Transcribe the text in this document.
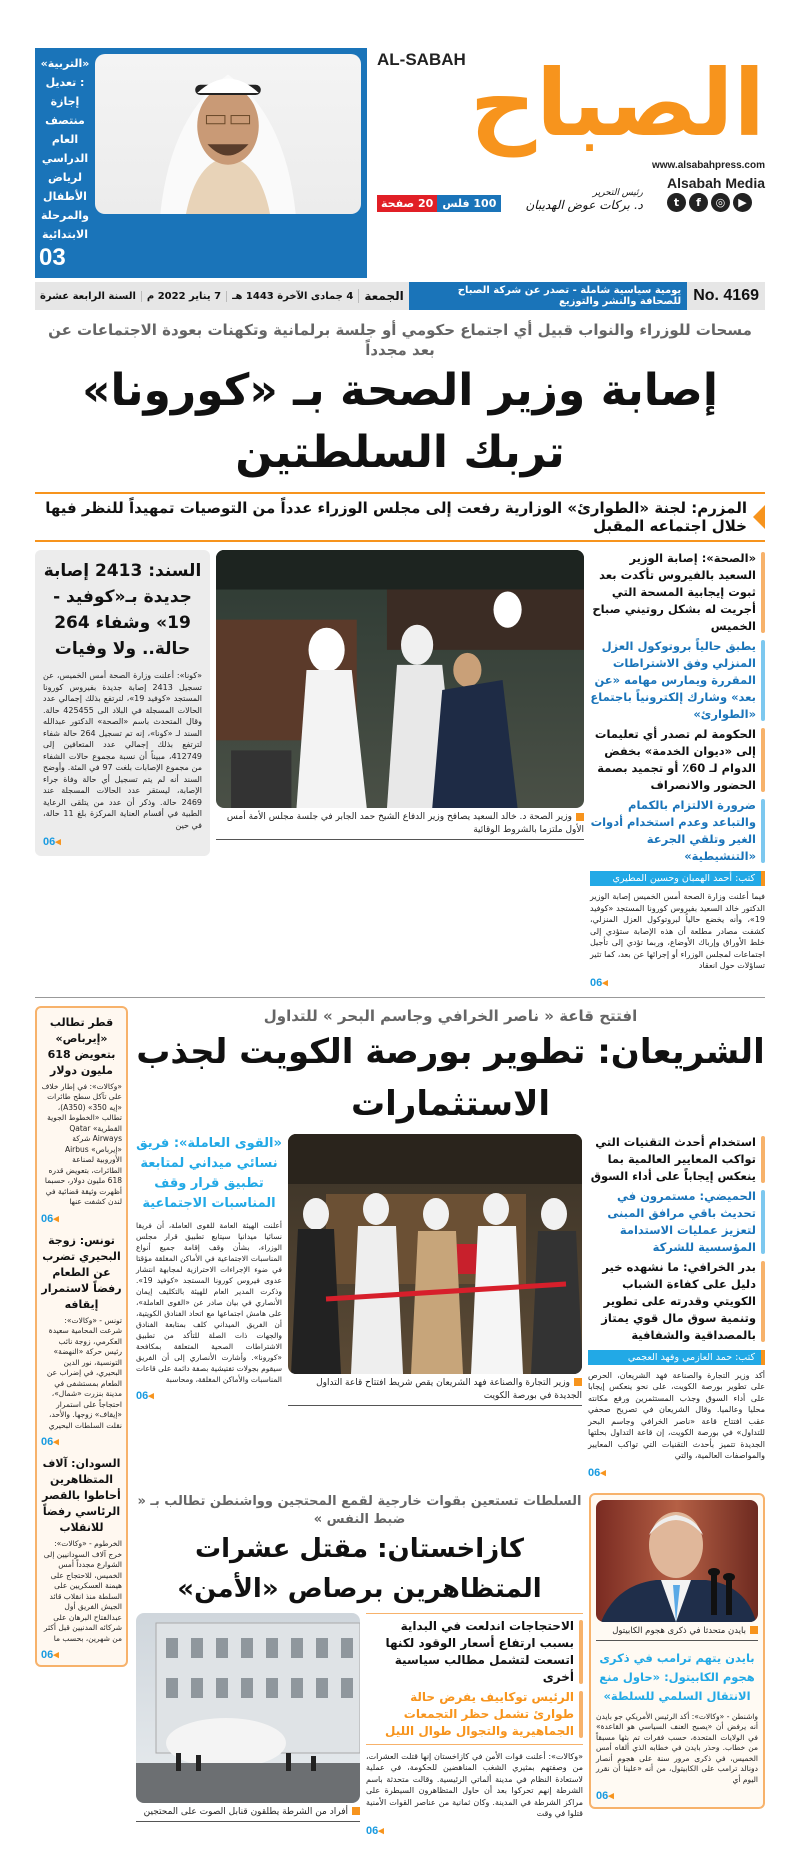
«التربية»: تعديل
إجازة منتصف العام
الدراسي لرياض
الأطفال والمرحلة
الابتدائية
03
الصباح
AL-SABAH
www.alsabahpress.com
Alsabah Media
t	f	◎	▶
رئيس التحرير
د. بركات عوض الهديبان
100 فلس
20 صفحة
No. 4169
يومية سياسية شاملة - تصدر عن شركة الصباح للصحافة والنشر والتوزيع
الجمعة
4 جمادى الآخرة 1443 هـ
7 يناير 2022 م
السنة الرابعة عشرة
مسحات للوزراء والنواب قبيل أي اجتماع حكومي أو جلسة برلمانية وتكهنات بعودة الاجتماعات عن بعد مجدداً
إصابة وزير الصحة بـ «كورونا» تربك السلطتين
المزرم: لجنة «الطوارئ» الوزارية رفعت إلى مجلس الوزراء عدداً من التوصيات تمهيداً للنظر فيها خلال اجتماعه المقبل
«الصحة»: إصابة الوزير السعيد بالفيروس تأكدت بعد ثبوت إيجابية المسحة التي أجريت له بشكل روتيني صباح الخميس
يطبق حالياً بروتوكول العزل المنزلي وفق الاشتراطات المقررة ويمارس مهامه «عن بعد» وشارك إلكترونياً باجتماع «الطوارئ»
الحكومة لم تصدر أي تعليمات إلى «ديوان الخدمة» بخفض الدوام لـ 60٪ أو تجميد بصمة الحضور والانصراف
ضرورة الالتزام بالكمام والتباعد وعدم استخدام أدوات الغير وتلقي الجرعة «التنشيطية»
كتب: أحمد الهمبان وحسين المطيري
فيما أعلنت وزارة الصحة أمس الخميس إصابة الوزير الدكتور خالد السعيد بفيروس كورونا المستجد «كوفيد 19»، وأنه يخضع حالياً لبروتوكول العزل المنزلي، كشفت مصادر مطلعة أن هذه الإصابة ستؤدي إلى خلط الأوراق وإرباك الأوضاع، وربما تؤدي إلى تأجيل اجتماعات لمجلس الوزراء أو إجرائها عن بعد، كما تثير تساؤلات حول انعقاد
06 ◂
وزير الصحة د. خالد السعيد يصافح وزير الدفاع الشيخ حمد الجابر في جلسة مجلس الأمة أمس الأول ملتزما بالشروط الوقائية
السند: 2413 إصابة جديدة بـ«كوفيد - 19» وشفاء 264 حالة.. ولا وفيات
«كونا»: أعلنت وزارة الصحة أمس الخميس، عن تسجيل 2413 إصابة جديدة بفيروس كورونا المستجد «كوفيد 19»، لترتفع بذلك إجمالي عدد الحالات المسجلة في البلاد الى 425455 حالة. وقال المتحدث باسم «الصحة» الدكتور عبدالله السند لـ «كونا»، إنه تم تسجيل 264 حالة شفاء لترتفع بذلك إجمالي عدد المتعافين إلى 412749، مبيناً أن نسبة مجموع حالات الشفاء من مجموع الإصابات بلغت 97 في المئة. وأوضح السند أنه لم يتم تسجيل أي حالة وفاة جراء الإصابة، ليستقر عدد الحالات المسجلة عند 2469 حالة. وذكر أن عدد من يتلقى الرعاية الطبية في أقسام العناية المركزة بلغ 11 حالة، في حين
06 ◂
افتتح قاعة « ناصر الخرافي وجاسم البحر » للتداول
الشريعان: تطوير بورصة الكويت لجذب الاستثمارات
استخدام أحدث التقنيات التي تواكب المعايير العالمية بما ينعكس إيجاباً على أداء السوق
الحميضي: مستمرون في تحديث باقي مرافق المبنى لتعزيز عمليات الاستدامة المؤسسية للشركة
بدر الخرافي: ما نشهده خير دليل على كفاءة الشباب الكويتي وقدرته على تطوير وتنمية سوق مال قوي يمتاز بالمصداقية والشفافية
كتب: حمد العازمي وفهد العجمي
أكد وزير التجارة والصناعة فهد الشريعان، الحرص على تطوير بورصة الكويت، على نحو ينعكس إيجابا على أداء السوق وجذب المستثمرين ورفع مكانته محليا وعالميا. وقال الشريعان في تصريح صحفي عقب افتتاح قاعة «ناصر الخرافي وجاسم البحر للتداول» في بورصة الكويت، إن قاعة التداول بحلتها الجديدة تتميز بأحدث التقنيات التي تواكب المعايير والمواصفات العالمية، والتي
06 ◂
وزير التجارة والصناعة فهد الشريعان يقص شريط افتتاح قاعة التداول الجديدة في بورصة الكويت
«القوى العاملة»: فريق نسائي ميداني لمتابعة تطبيق قرار وقف المناسبات الاجتماعية
أعلنت الهيئة العامة للقوى العاملة، أن فريقا نسائيا ميدانيا سيتابع تطبيق قرار مجلس الوزراء، بشأن وقف إقامة جميع أنواع المناسبات الاجتماعية في الأماكن المغلقة مؤقتا في ضوء الإجراءات الاحترازية لمجابهة انتشار عدوى فيروس كورونا المستجد «كوفيد 19». وذكرت المدير العام للهيئة بالتكليف إيمان الأنصاري في بيان صادر عن «القوى العاملة»، على هامش اجتماعها مع اتحاد الفنادق الكويتية، أن الفريق الميداني كلف بمتابعة الفنادق والجهات ذات الصلة للتأكد من تطبيق الاشتراطات الصحية المتعلقة بمكافحة «كورونا». وأشارت الأنصاري إلى أن الفريق سيقوم بجولات تفتيشية بصفة دائمة على قاعات المناسبات والأماكن المغلقة، ومحاسبة
06 ◂
بايدن متحدثا في ذكرى هجوم الكابيتول
بايدن يتهم ترامب في ذكرى هجوم الكابيتول: «حاول منع الانتقال السلمي للسلطة»
واشنطن - «وكالات»: أكد الرئيس الأمريكي جو بايدن أنه يرفض أن «يصبح العنف السياسي هو القاعدة» في الولايات المتحدة، حسب فقرات تم بثها مسبقاً من خطاب. وحذر بايدن في خطابه الذي ألقاه أمس الخميس، في ذكرى مرور سنة على هجوم أنصار دونالد ترامب على الكابيتول، من أنه «علينا أن نقرر اليوم أي
06 ◂
السلطات تستعين بقوات خارجية لقمع المحتجين وواشنطن تطالب بـ « ضبط النفس »
كازاخستان: مقتل عشرات المتظاهرين برصاص «الأمن»
الاحتجاجات اندلعت في البداية بسبب ارتفاع أسعار الوقود لكنها اتسعت لتشمل مطالب سياسية أخرى
الرئيس توكاييف يفرض حالة طوارئ تشمل حظر التجمعات الجماهيرية والتجوال طوال الليل
«وكالات»: أعلنت قوات الأمن في كازاخستان إنها قتلت العشرات، من وصفتهم بمثيري الشغب المناهضين للحكومة، في عملية لاستعادة النظام في مدينة ألماتي الرئيسية. وقالت متحدثة باسم الشرطة إنهم تحركوا بعد أن حاول المتظاهرون السيطرة على مراكز الشرطة في المدينة. وكان ثمانية من عناصر القوات الأمنية قتلوا في وقت
06 ◂
أفراد من الشرطة يطلقون قنابل الصوت على المحتجين
قطر تطالب «إيرباص» بتعويض 618 مليون دولار
«وكالات»: في إطار خلاف على تآكل سطح طائرات «إيه 350» (A350)، تطالب «الخطوط الجوية القطرية» Qatar Airways شركة «إيرباص» Airbus الأوروبية لصناعة الطائرات، بتعويض قدره 618 مليون دولار، حسبما أظهرت وثيقة قضائية في لندن كشفت عنها
06 ◂
تونس: زوجة البحيري تضرب عن الطعام رفضاً لاستمرار إيقافه
تونس - «وكالات»: شرعت المحامية سعيدة العكرمي، زوجة نائب رئيس حركة «النهضة» التونسية، نور الدين البحيري، في إضراب عن الطعام بمستشفى في مدينة بنزرت «شمال»، احتجاجاً على استمرار «إيقاف» زوجها. والأحد، نقلت السلطات البحيري
06 ◂
السودان: آلاف المتظاهرين أحاطوا بالقصر الرئاسي رفضاً للانقلاب
الخرطوم - «وكالات»: خرج آلاف السودانيين إلى الشوارع مجدداً أمس الخميس، للاحتجاج على هيمنة العسكريين على السلطة منذ انقلاب قائد الجيش الفريق أول عبدالفتاح البرهان على شركائه المدنيين قبل أكثر من شهرين، بحسب ما
06 ◂
